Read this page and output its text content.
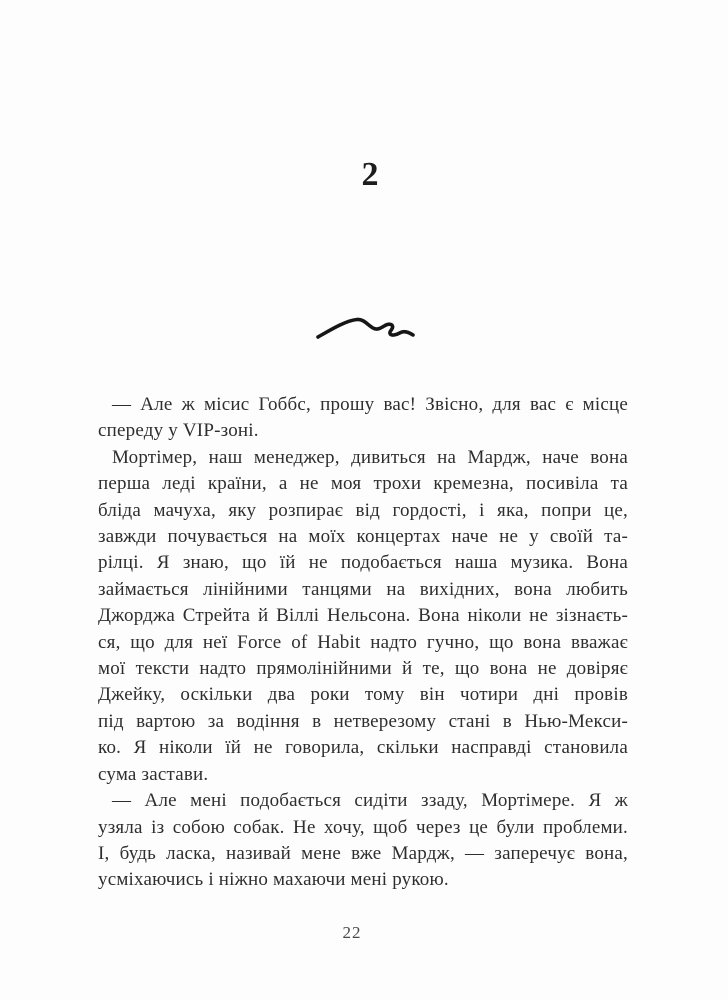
2
— Але ж місис Гоббс, прошу вас! Звісно, для вас є місце
спереду у VIP-зоні.
Мортімер, наш менеджер, дивиться на Мардж, наче вона
перша леді країни, а не моя трохи кремезна, посивіла та
бліда мачуха, яку розпирає від гордості, і яка, попри це,
завжди почувається на моїх концертах наче не у своїй та-
рілці. Я знаю, що їй не подобається наша музика. Вона
займається лінійними танцями на вихідних, вона любить
Джорджа Стрейта й Віллі Нельсона. Вона ніколи не зізнаєть-
ся, що для неї Force of Habit надто гучно, що вона вважає
мої тексти надто прямолінійними й те, що вона не довіряє
Джейку, оскільки два роки тому він чотири дні провів
під вартою за водіння в нетверезому стані в Нью-Мекси-
ко. Я ніколи їй не говорила, скільки насправді становила
сума застави.
— Але мені подобається сидіти ззаду, Мортімере. Я ж
узяла із собою собак. Не хочу, щоб через це були проблеми.
І, будь ласка, називай мене вже Мардж, — заперечує вона,
усміхаючись і ніжно махаючи мені рукою.
22
